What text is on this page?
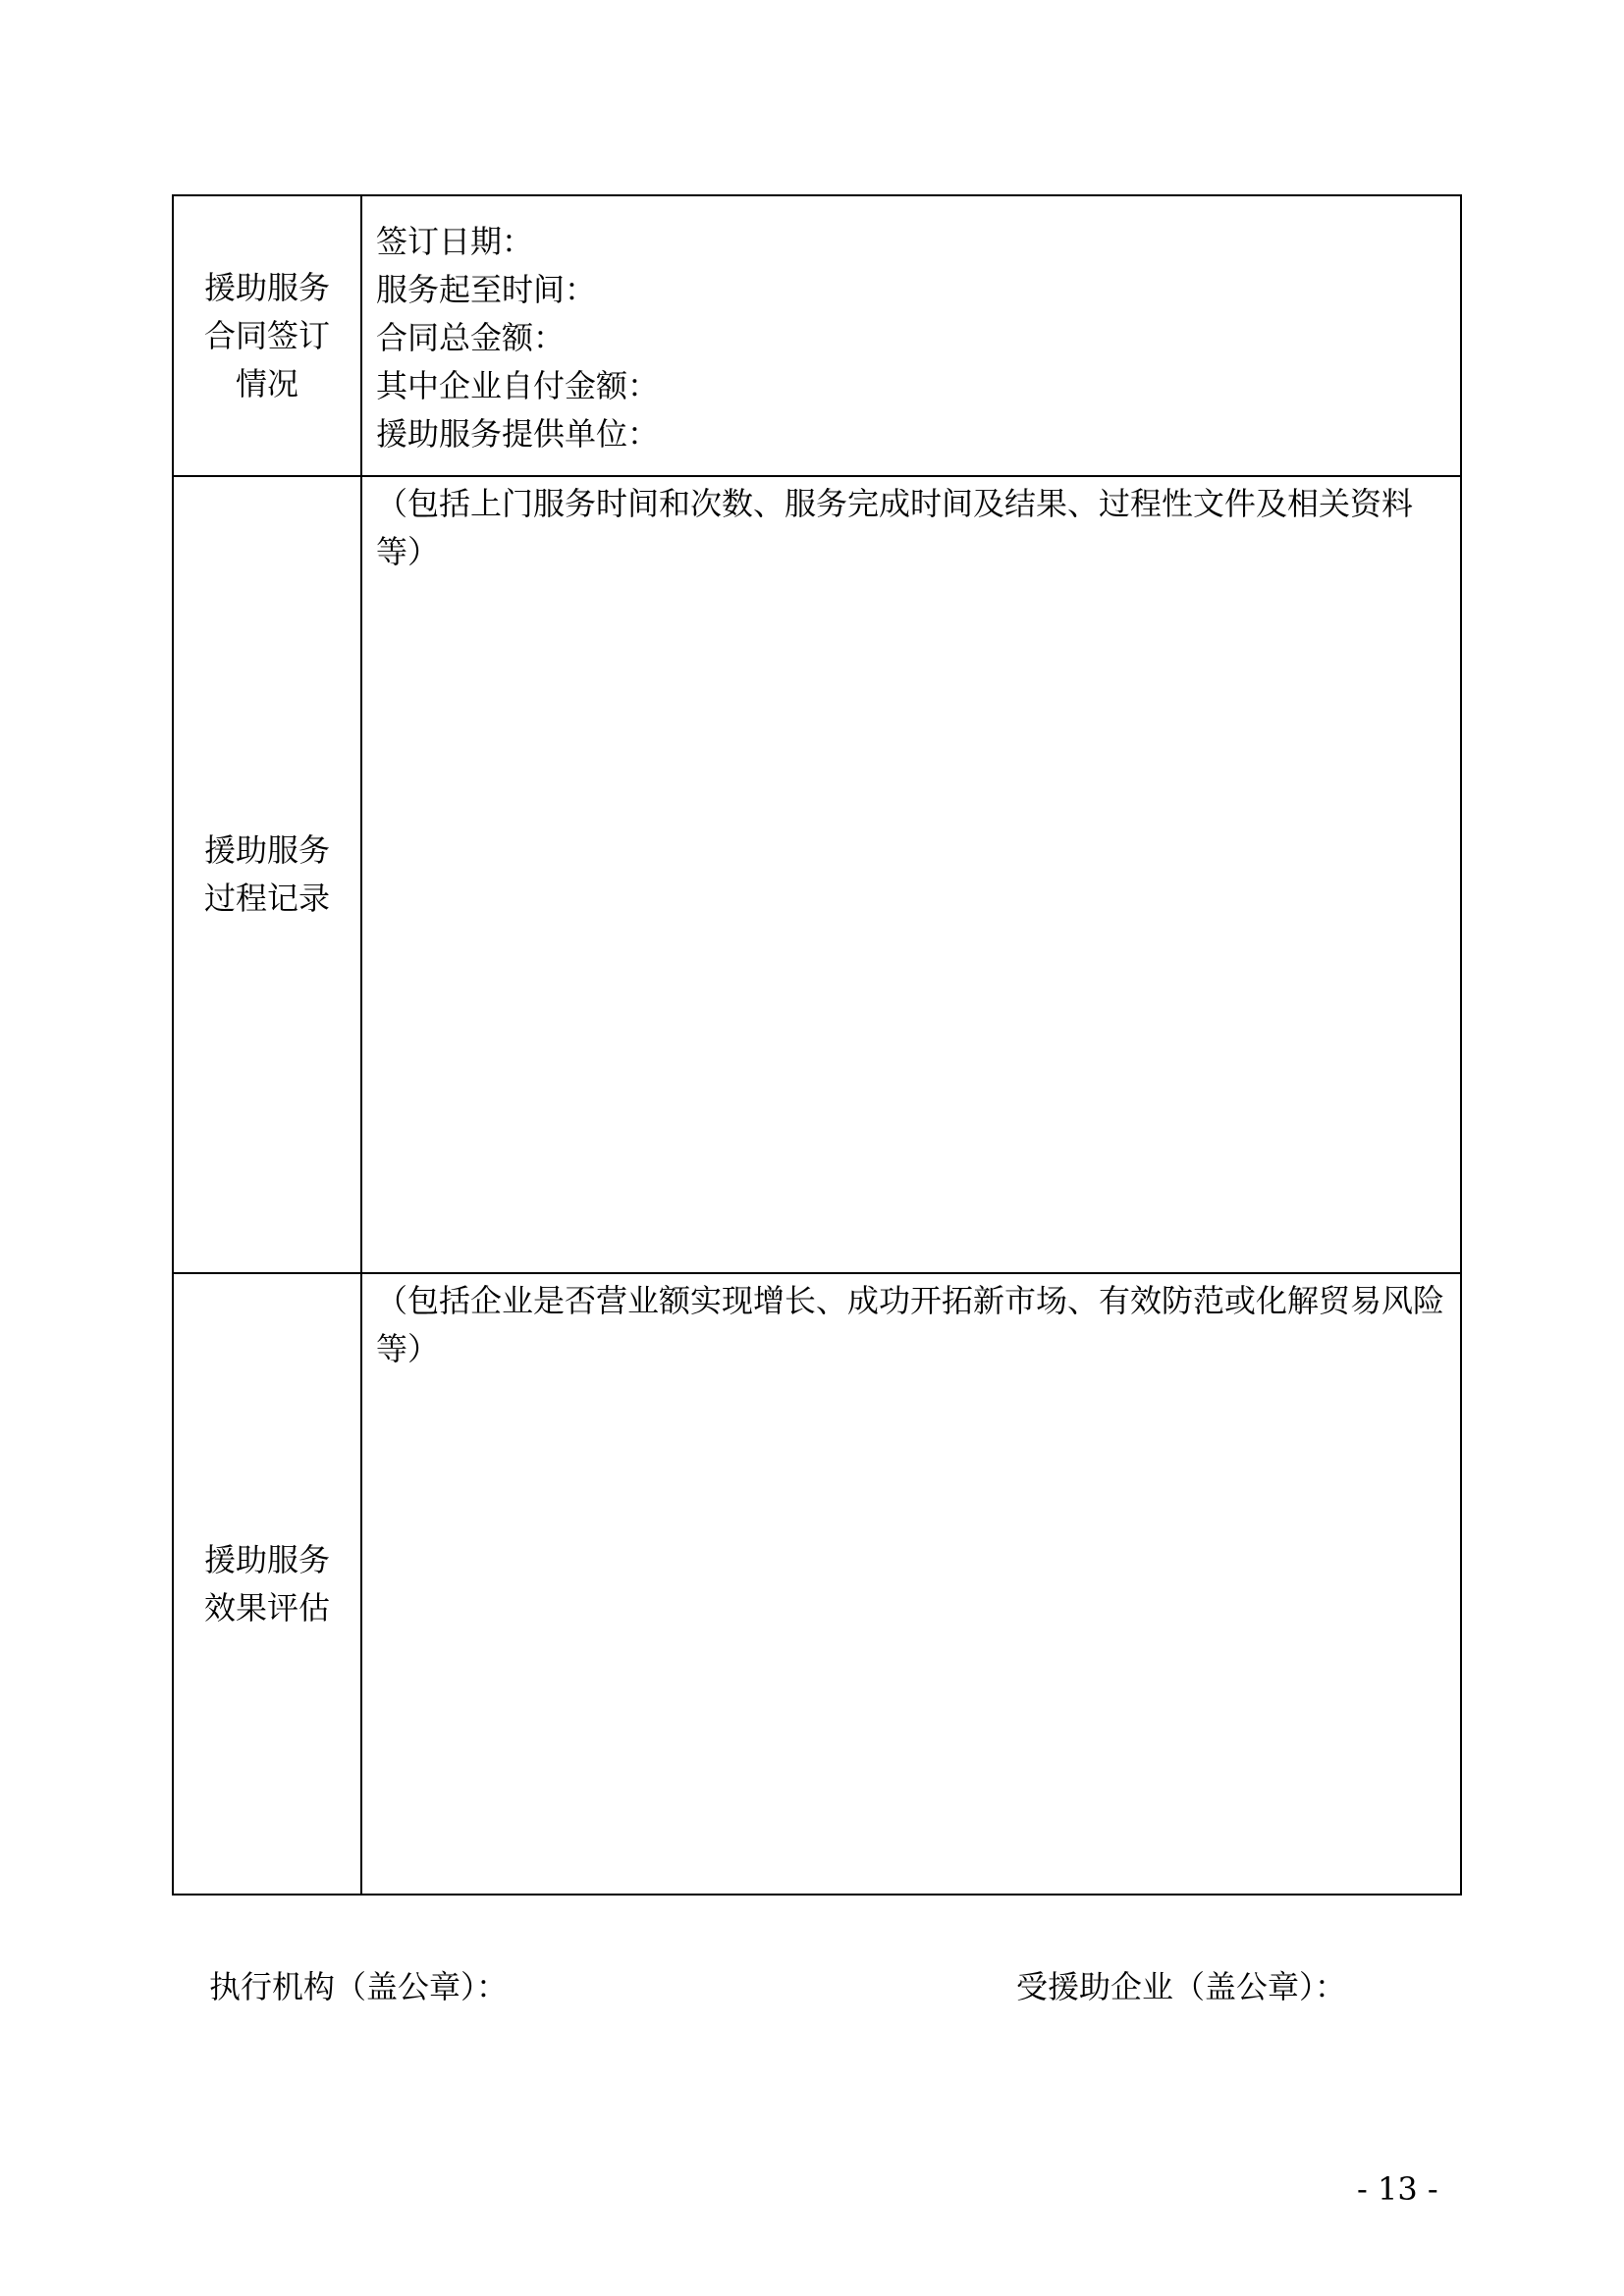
援助服务
合同签订
情况	签订日期：
服务起至时间：
合同总金额：
其中企业自付金额：
援助服务提供单位：

援助服务
过程记录	（包括上门服务时间和次数、服务完成时间及结果、过程性文件及相关资料等）

援助服务
效果评估	（包括企业是否营业额实现增长、成功开拓新市场、有效防范或化解贸易风险等）
执行机构（盖公章）：	受援助企业（盖公章）：
- 13 -
